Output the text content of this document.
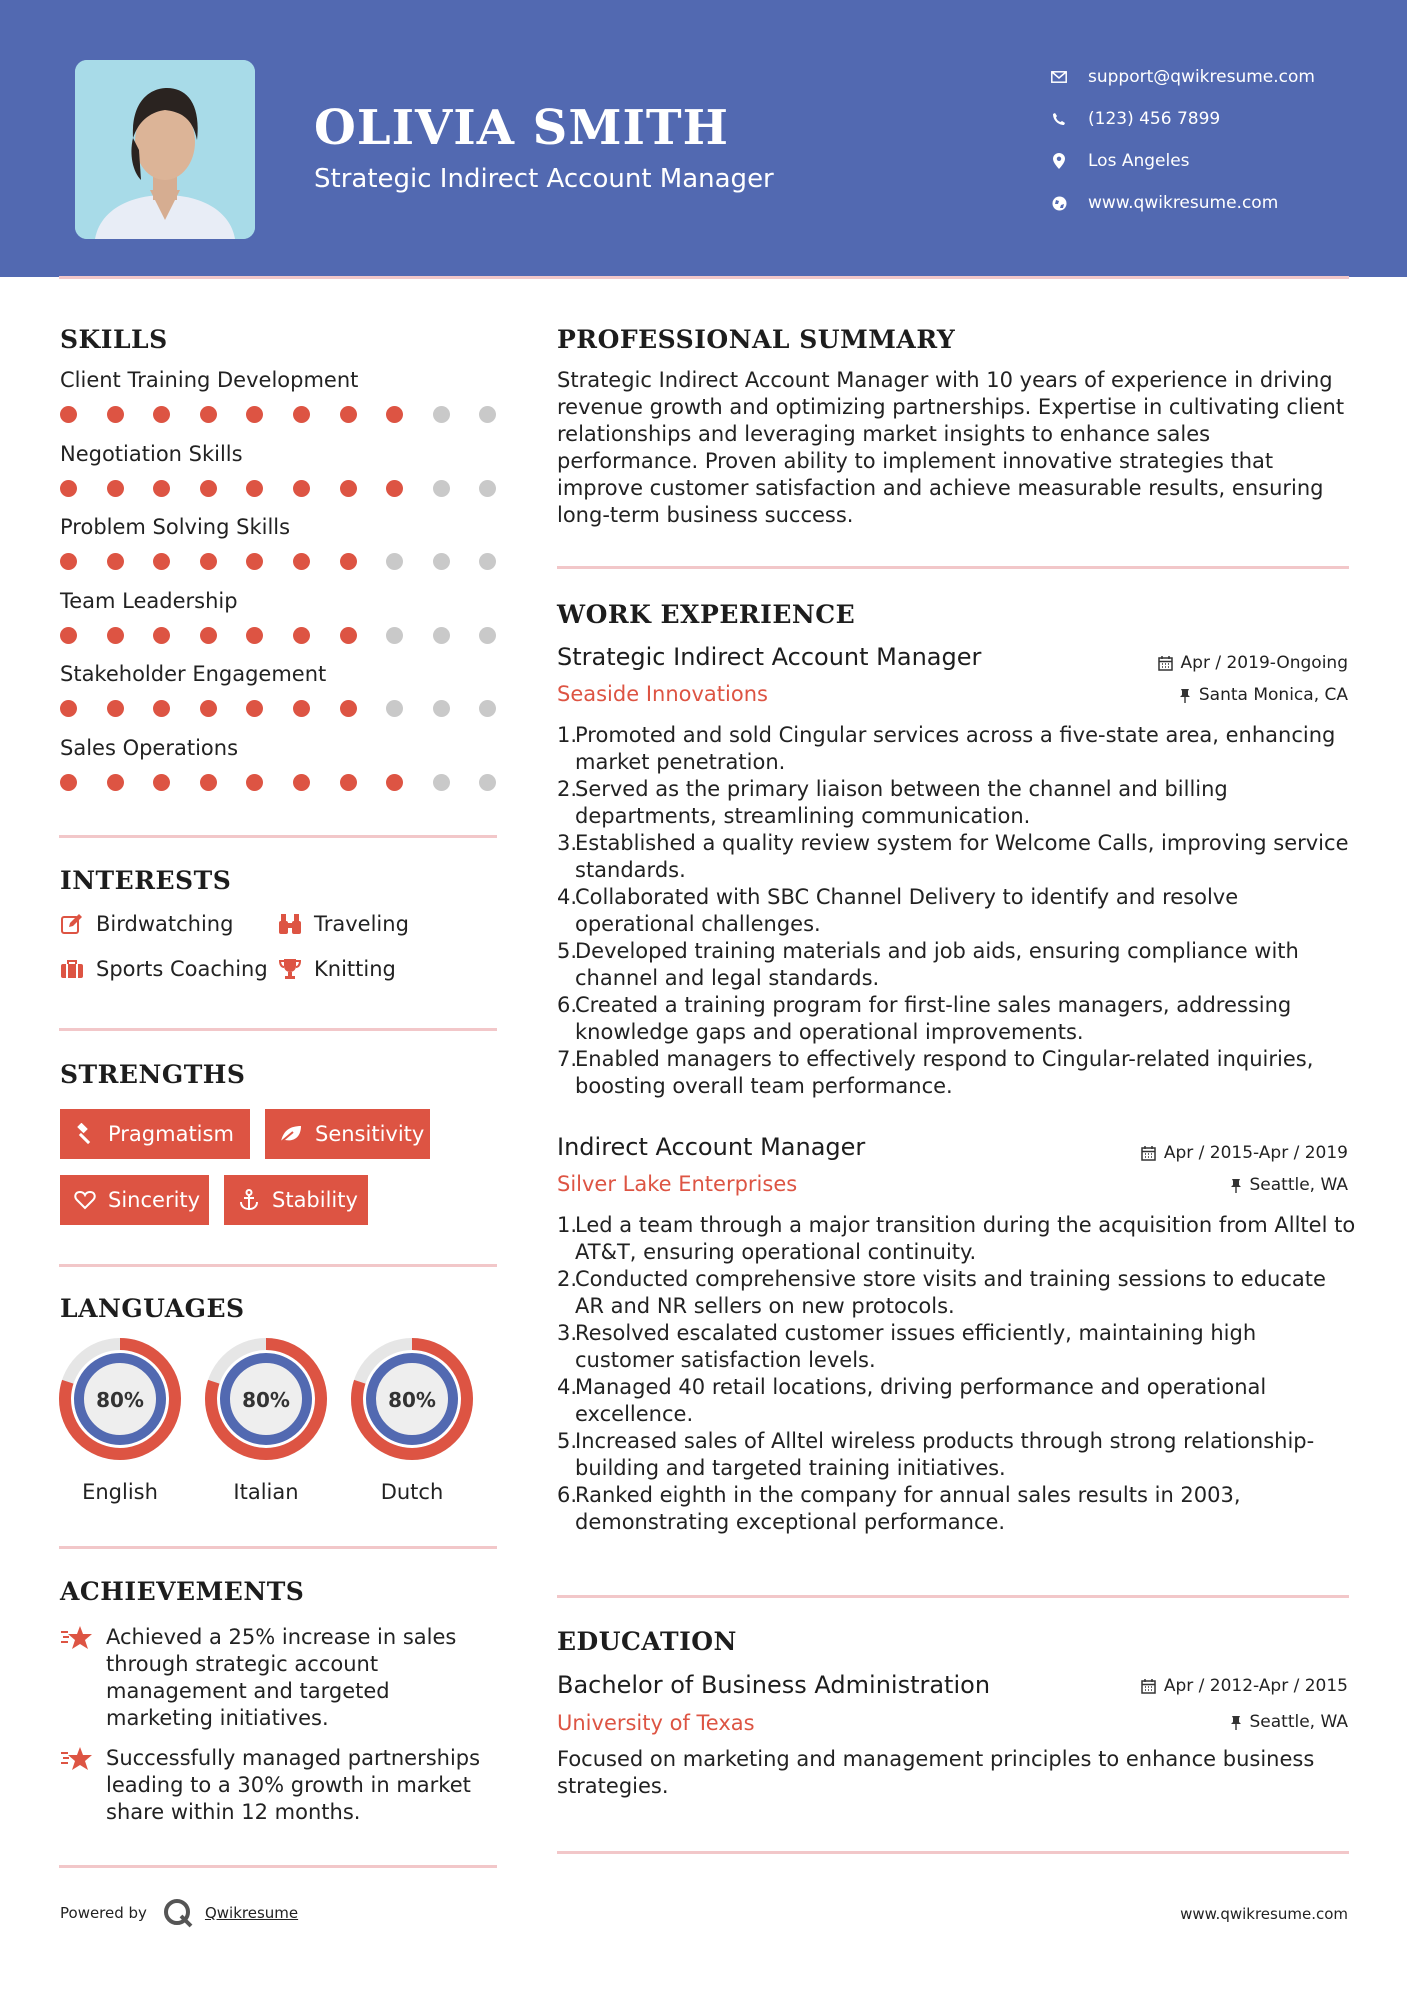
OLIVIA SMITH
Strategic Indirect Account Manager
support@qwikresume.com
(123) 456 7899
Los Angeles
www.qwikresume.com
SKILLS
Client Training Development
Negotiation Skills
Problem Solving Skills
Team Leadership
Stakeholder Engagement
Sales Operations
INTERESTS
Birdwatching	Traveling
Sports Coaching Knitting
STRENGTHS
Pragmatism	Sensitivity
Sincerity	Stability
LANGUAGES
80%
English
80%
Italian
80%
Dutch
ACHIEVEMENTS
Achieved a 25% increase in sales through strategic account management and targeted marketing initiatives.
Successfully managed partnerships leading to a 30% growth in market share within 12 months.
PROFESSIONAL SUMMARY
Strategic Indirect Account Manager with 10 years of experience in driving revenue growth and optimizing partnerships. Expertise in cultivating client relationships and leveraging market insights to enhance sales performance. Proven ability to implement innovative strategies that improve customer satisfaction and achieve measurable results, ensuring long-term business success.
WORK EXPERIENCE
Strategic Indirect Account Manager	Apr / 2019-Ongoing
Seaside Innovations	Santa Monica, CA
1.
Promoted and sold Cingular services across a five-state area, enhancing market penetration.
2.
Served as the primary liaison between the channel and billing departments, streamlining communication.
3.
Established a quality review system for Welcome Calls, improving service standards.
4.
Collaborated with SBC Channel Delivery to identify and resolve operational challenges.
5.
Developed training materials and job aids, ensuring compliance with channel and legal standards.
6.
Created a training program for first-line sales managers, addressing knowledge gaps and operational improvements.
7.
Enabled managers to effectively respond to Cingular-related inquiries, boosting overall team performance.
Indirect Account Manager	Apr / 2015-Apr / 2019
Silver Lake Enterprises	Seattle, WA
1.
Led a team through a major transition during the acquisition from Alltel to AT&T, ensuring operational continuity.
2.
Conducted comprehensive store visits and training sessions to educate AR and NR sellers on new protocols.
3.
Resolved escalated customer issues efficiently, maintaining high customer satisfaction levels.
4.
Managed 40 retail locations, driving performance and operational excellence.
5.
Increased sales of Alltel wireless products through strong relationship-building and targeted training initiatives.
6.
Ranked eighth in the company for annual sales results in 2003, demonstrating exceptional performance.
EDUCATION
Bachelor of Business Administration	Apr / 2012-Apr / 2015
University of Texas	Seattle, WA
Focused on marketing and management principles to enhance business strategies.
Powered by	Qwikresume	www.qwikresume.com
